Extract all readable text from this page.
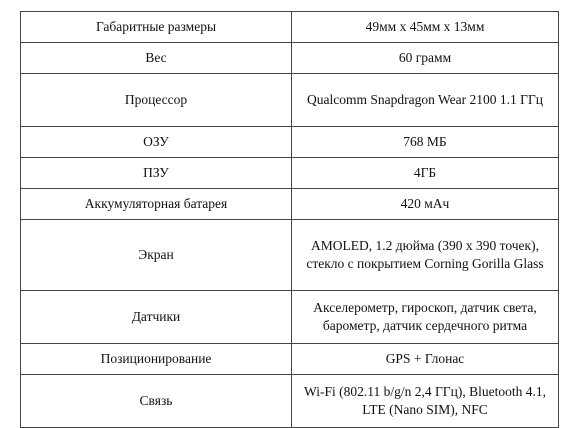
Габаритные размеры	49мм х 45мм х 13мм
Вес	60 грамм
Процессор	Qualcomm Snapdragon Wear 2100 1.1 ГГц
ОЗУ	768 МБ
ПЗУ	4ГБ
Аккумуляторная батарея	420 мАч
Экран	AMOLED, 1.2 дюйма (390 x 390 точек), стекло с покрытием Corning Gorilla Glass
Датчики	Акселерометр, гироскоп, датчик света, барометр, датчик сердечного ритма
Позиционирование	GPS + Глонас
Связь	Wi-Fi (802.11 b/g/n 2,4 ГГц), Bluetooth 4.1, LTE (Nano SIM), NFC
